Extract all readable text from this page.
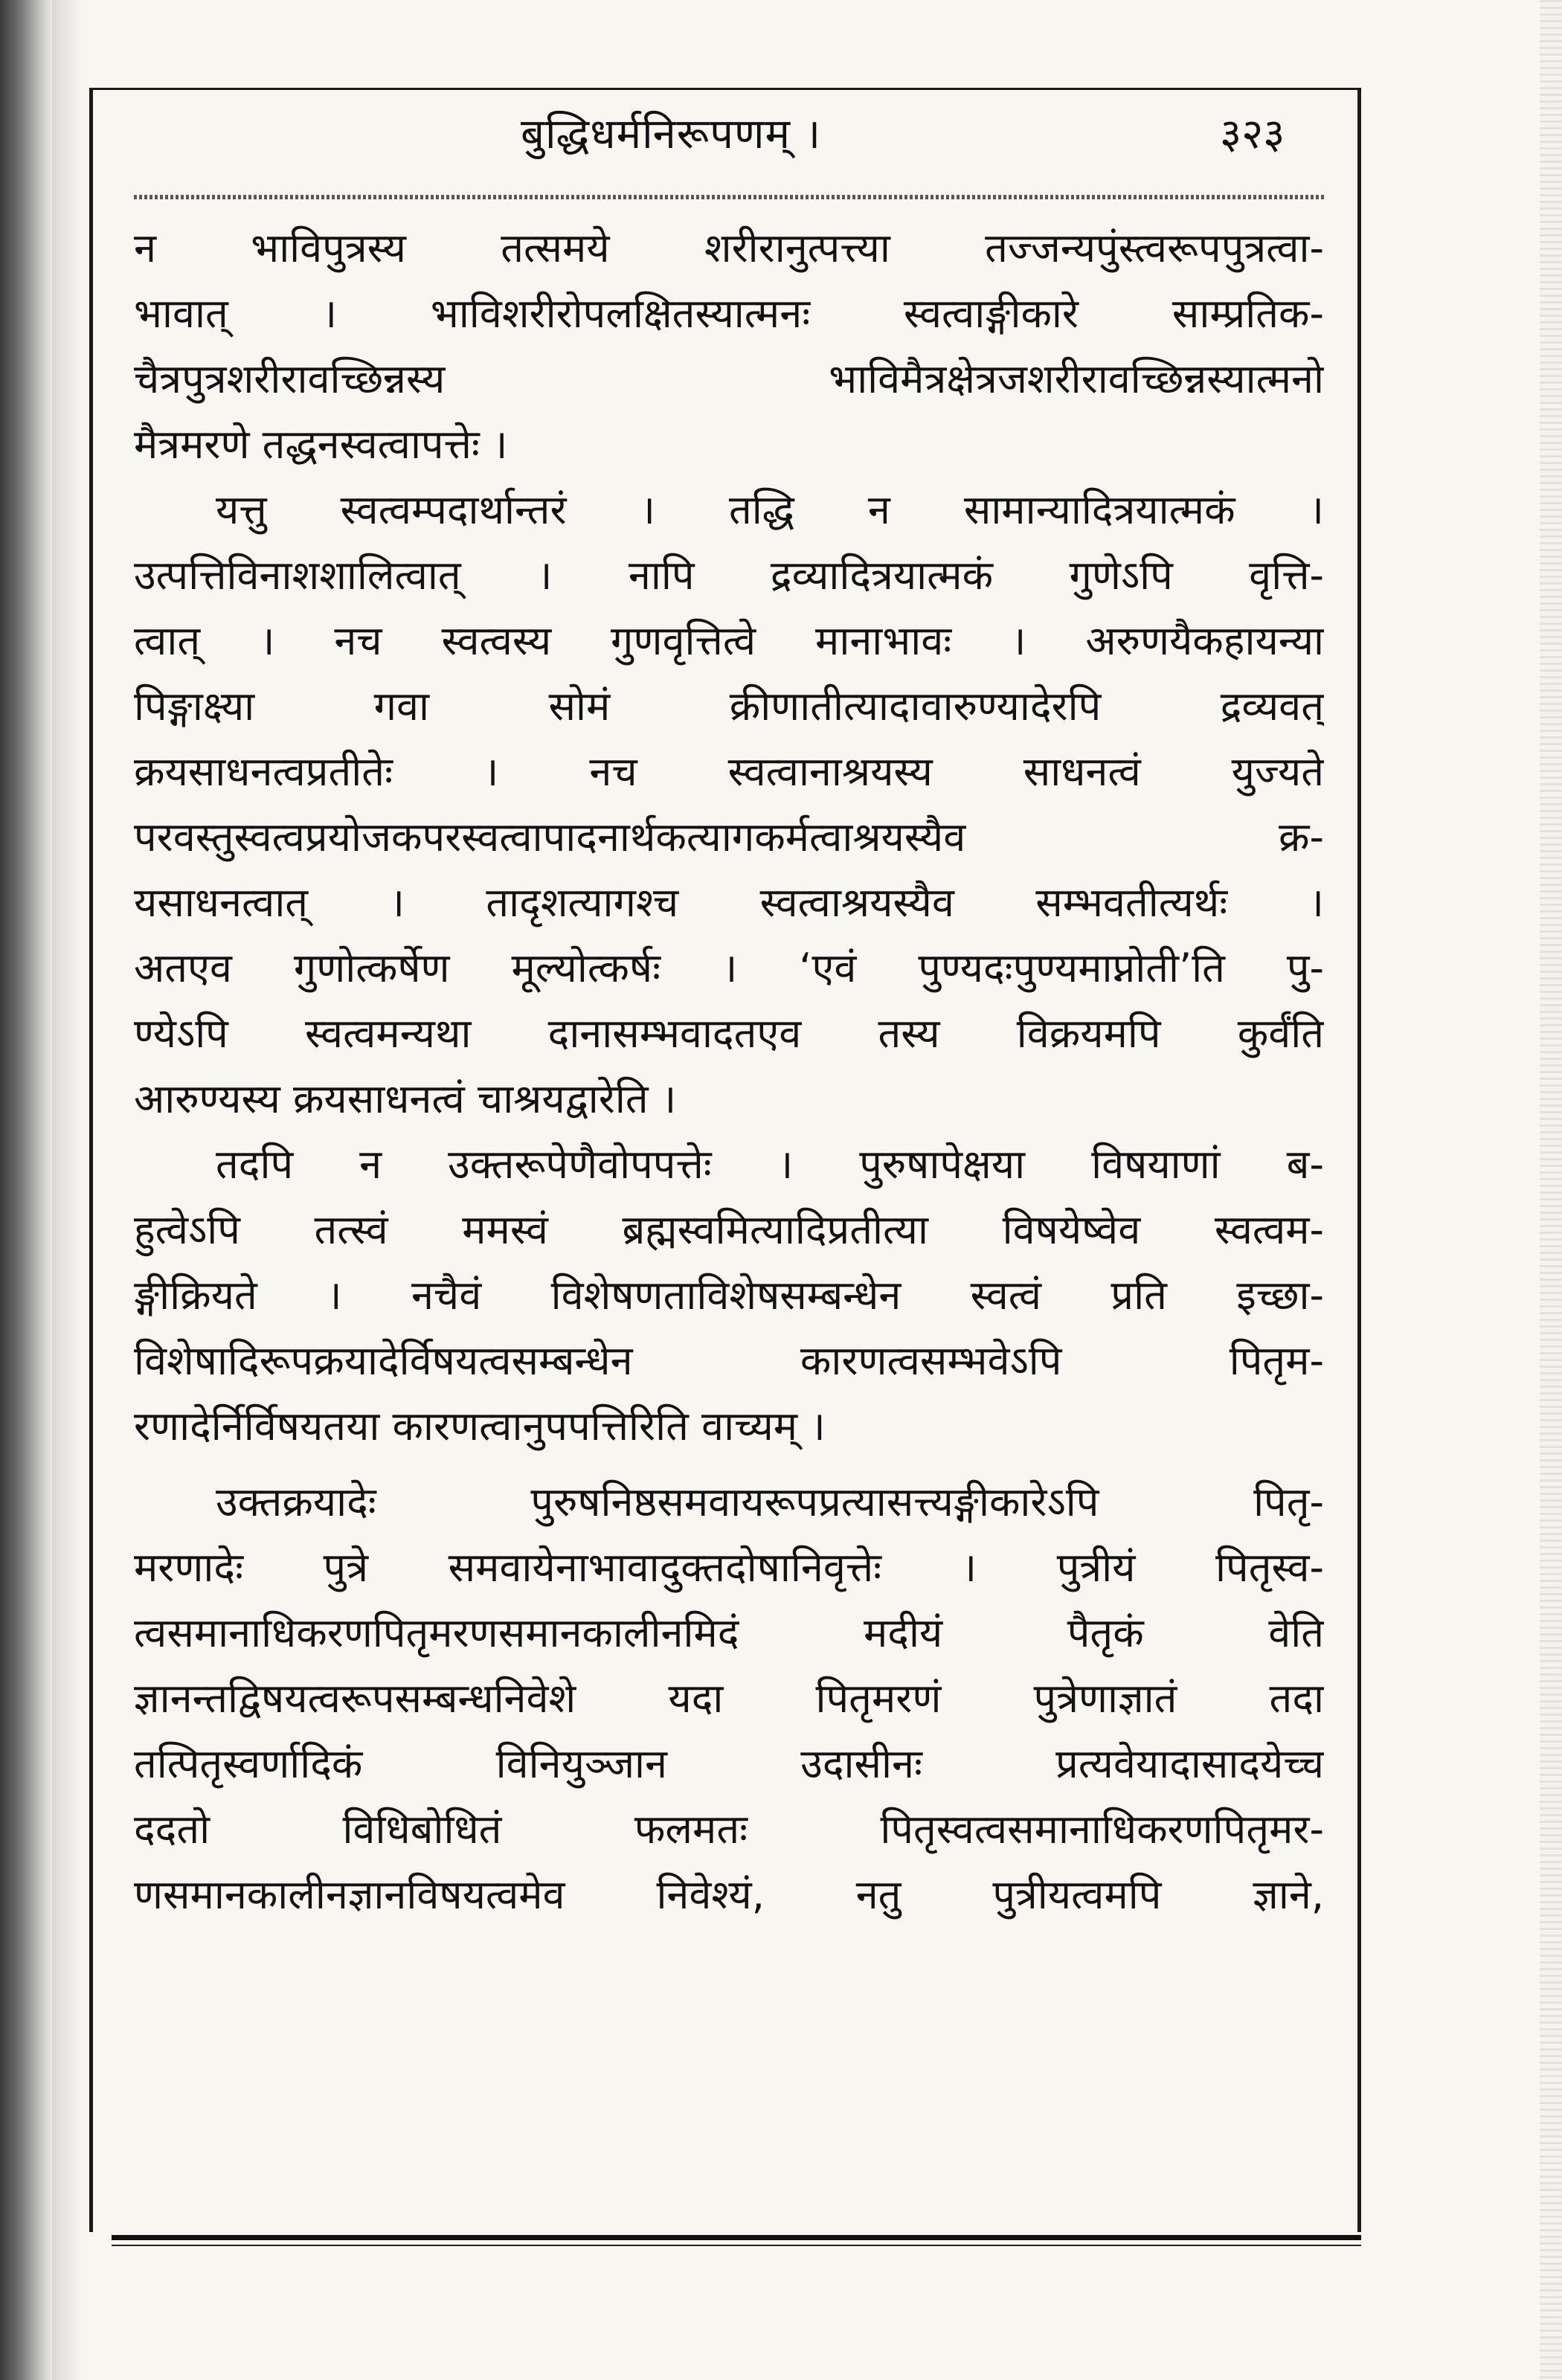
बुद्धिधर्मनिरूपणम् ।	३२३
न भाविपुत्रस्य तत्समये शरीरानुत्पत्त्या तज्जन्यपुंस्त्वरूपपुत्रत्वा-
भावात् । भाविशरीरोपलक्षितस्यात्मनः स्वत्वाङ्गीकारे साम्प्रतिक-
चैत्रपुत्रशरीरावच्छिन्नस्य भाविमैत्रक्षेत्रजशरीरावच्छिन्नस्यात्मनो
मैत्रमरणे तद्धनस्वत्वापत्तेः ।
यत्तु स्वत्वम्पदार्थान्तरं । तद्धि न सामान्यादित्रयात्मकं ।
उत्पत्तिविनाशशालित्वात् । नापि द्रव्यादित्रयात्मकं गुणेऽपि वृत्ति-
त्वात् । नच स्वत्वस्य गुणवृत्तित्वे मानाभावः । अरुणयैकहायन्या
पिङ्गाक्ष्या गवा सोमं क्रीणातीत्यादावारुण्यादेरपि द्रव्यवत्
क्रयसाधनत्वप्रतीतेः । नच स्वत्वानाश्रयस्य साधनत्वं युज्यते
परवस्तुस्वत्वप्रयोजकपरस्वत्वापादनार्थकत्यागकर्मत्वाश्रयस्यैव क्र-
यसाधनत्वात् । तादृशत्यागश्च स्वत्वाश्रयस्यैव सम्भवतीत्यर्थः ।
अतएव गुणोत्कर्षेण मूल्योत्कर्षः । ‘एवं पुण्यदःपुण्यमाप्नोती’ति पु-
ण्येऽपि स्वत्वमन्यथा दानासम्भवादतएव तस्य विक्रयमपि कुर्वंति
आरुण्यस्य क्रयसाधनत्वं चाश्रयद्वारेति ।
तदपि न उक्तरूपेणैवोपपत्तेः । पुरुषापेक्षया विषयाणां ब-
हुत्वेऽपि तत्स्वं ममस्वं ब्रह्मस्वमित्यादिप्रतीत्या विषयेष्वेव स्वत्वम-
ङ्गीक्रियते । नचैवं विशेषणताविशेषसम्बन्धेन स्वत्वं प्रति इच्छा-
विशेषादिरूपक्रयादेर्विषयत्वसम्बन्धेन कारणत्वसम्भवेऽपि पितृम-
रणादेर्निर्विषयतया कारणत्वानुपपत्तिरिति वाच्यम् ।
उक्तक्रयादेः पुरुषनिष्ठसमवायरूपप्रत्यासत्त्यङ्गीकारेऽपि पितृ-
मरणादेः पुत्रे समवायेनाभावादुक्तदोषानिवृत्तेः । पुत्रीयं पितृस्व-
त्वसमानाधिकरणपितृमरणसमानकालीनमिदं मदीयं पैतृकं वेति
ज्ञानन्तद्विषयत्वरूपसम्बन्धनिवेशे यदा पितृमरणं पुत्रेणाज्ञातं तदा
तत्पितृस्वर्णादिकं विनियुञ्जान उदासीनः प्रत्यवेयादासादयेच्च
ददतो विधिबोधितं फलमतः पितृस्वत्वसमानाधिकरणपितृमर-
णसमानकालीनज्ञानविषयत्वमेव निवेश्यं, नतु पुत्रीयत्वमपि ज्ञाने,
